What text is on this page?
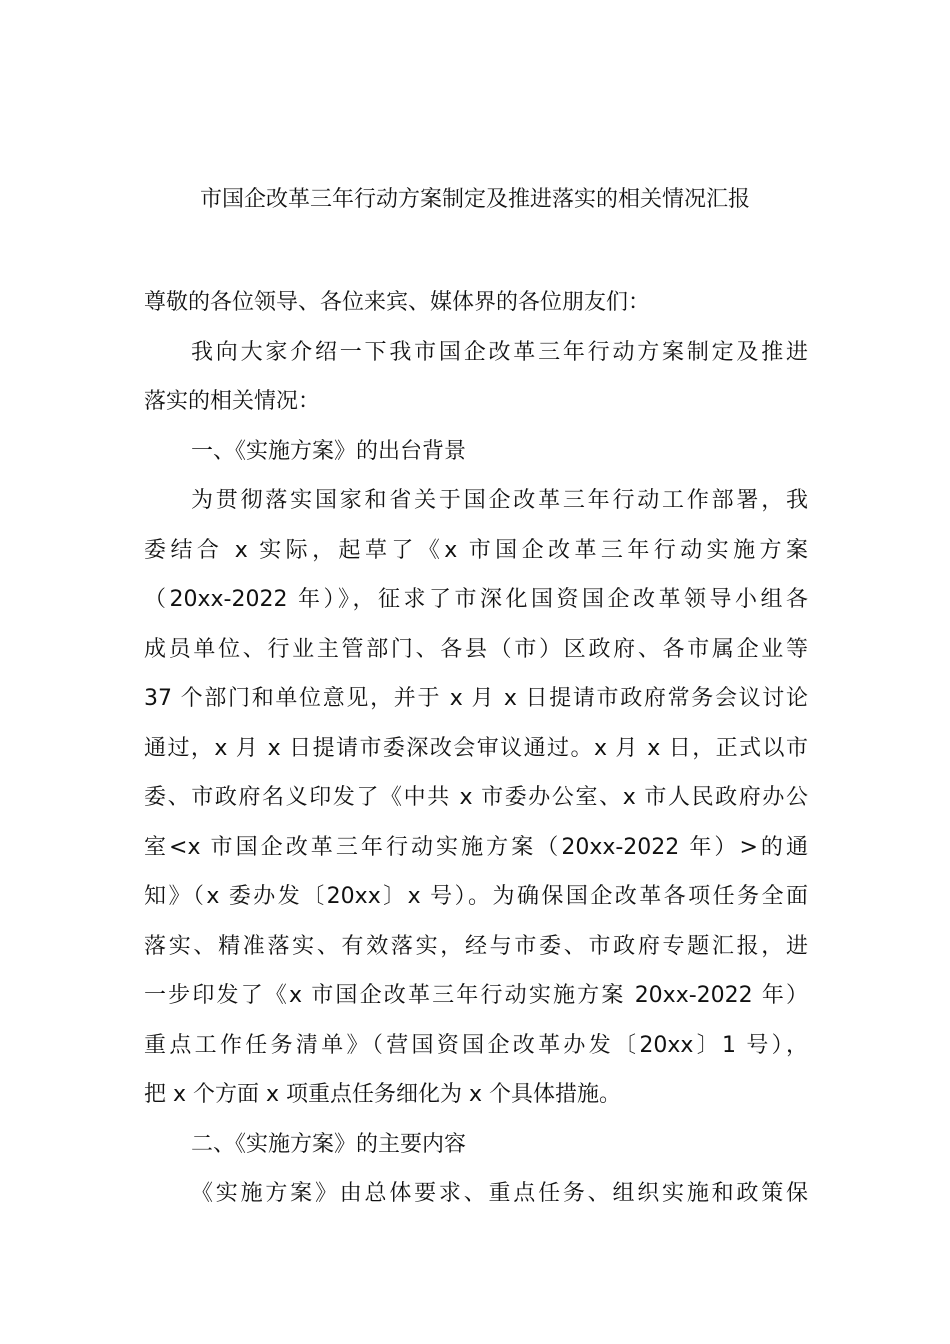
市国企改革三年行动方案制定及推进落实的相关情况汇报
尊敬的各位领导、各位来宾、媒体界的各位朋友们：
我向大家介绍一下我市国企改革三年行动方案制定及推进
落实的相关情况：
一、《实施方案》的出台背景
为贯彻落实国家和省关于国企改革三年行动工作部署，我
委结合 x 实际，起草了《x 市国企改革三年行动实施方案
（20xx-2022 年）》，征求了市深化国资国企改革领导小组各
成员单位、行业主管部门、各县（市）区政府、各市属企业等
37 个部门和单位意见，并于 x 月 x 日提请市政府常务会议讨论
通过，x 月 x 日提请市委深改会审议通过。x 月 x 日，正式以市
委、市政府名义印发了《中共 x 市委办公室、x 市人民政府办公
室<x 市国企改革三年行动实施方案（20xx-2022 年）>的通
知》（x 委办发〔20xx〕x 号）。为确保国企改革各项任务全面
落实、精准落实、有效落实，经与市委、市政府专题汇报，进
一步印发了《x 市国企改革三年行动实施方案 20xx-2022 年）
重点工作任务清单》（营国资国企改革办发〔20xx〕1 号），
把 x 个方面 x 项重点任务细化为 x 个具体措施。
二、《实施方案》的主要内容
《实施方案》由总体要求、重点任务、组织实施和政策保
